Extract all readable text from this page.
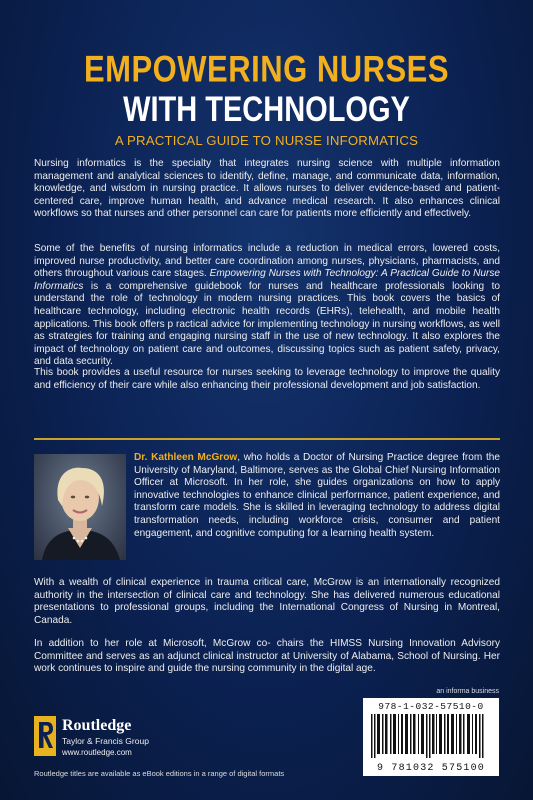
EMPOWERING NURSES
WITH TECHNOLOGY
A PRACTICAL GUIDE TO NURSE INFORMATICS

Nursing informatics is the specialty that integrates nursing science with multiple information management and analytical sciences to identify, define, manage, and communicate data, information, knowledge, and wisdom in nursing practice. It allows nurses to deliver evidence-based and patient-centered care, improve human health, and advance medical research. It also enhances clinical workflows so that nurses and other personnel can care for patients more efficiently and effectively.

Some of the benefits of nursing informatics include a reduction in medical errors, lowered costs, improved nurse productivity, and better care coordination among nurses, physicians, pharmacists, and others throughout various care stages. Empowering Nurses with Technology: A Practical Guide to Nurse Informatics is a comprehensive guidebook for nurses and healthcare professionals looking to understand the role of technology in modern nursing practices. This book covers the basics of healthcare technology, including electronic health records (EHRs), telehealth, and mobile health applications. This book offers p ractical advice for implementing technology in nursing workflows, as well as strategies for training and engaging nursing staff in the use of new technology. It also explores the impact of technology on patient care and outcomes, discussing topics such as patient safety, privacy, and data security.

This book provides a useful resource for nurses seeking to leverage technology to improve the quality and efficiency of their care while also enhancing their professional development and job satisfaction.

Dr. Kathleen McGrow, who holds a Doctor of Nursing Practice degree from the University of Maryland, Baltimore, serves as the Global Chief Nursing Information Officer at Microsoft. In her role, she guides organizations on how to apply innovative technologies to enhance clinical performance, patient experience, and transform care models. She is skilled in leveraging technology to address digital transformation needs, including workforce crisis, consumer and patient engagement, and cognitive computing for a learning health system.

With a wealth of clinical experience in trauma critical care, McGrow is an internationally recognized authority in the intersection of clinical care and technology. She has delivered numerous educational presentations to professional groups, including the International Congress of Nursing in Montreal, Canada.

In addition to her role at Microsoft, McGrow co- chairs the HIMSS Nursing Innovation Advisory Committee and serves as an adjunct clinical instructor at University of Alabama, School of Nursing. Her work continues to inspire and guide the nursing community in the digital age.

an informa business
978-1-032-57510-0
9 781032 575100
Routledge
Taylor & Francis Group
www.routledge.com
Routledge titles are available as eBook editions in a range of digital formats
